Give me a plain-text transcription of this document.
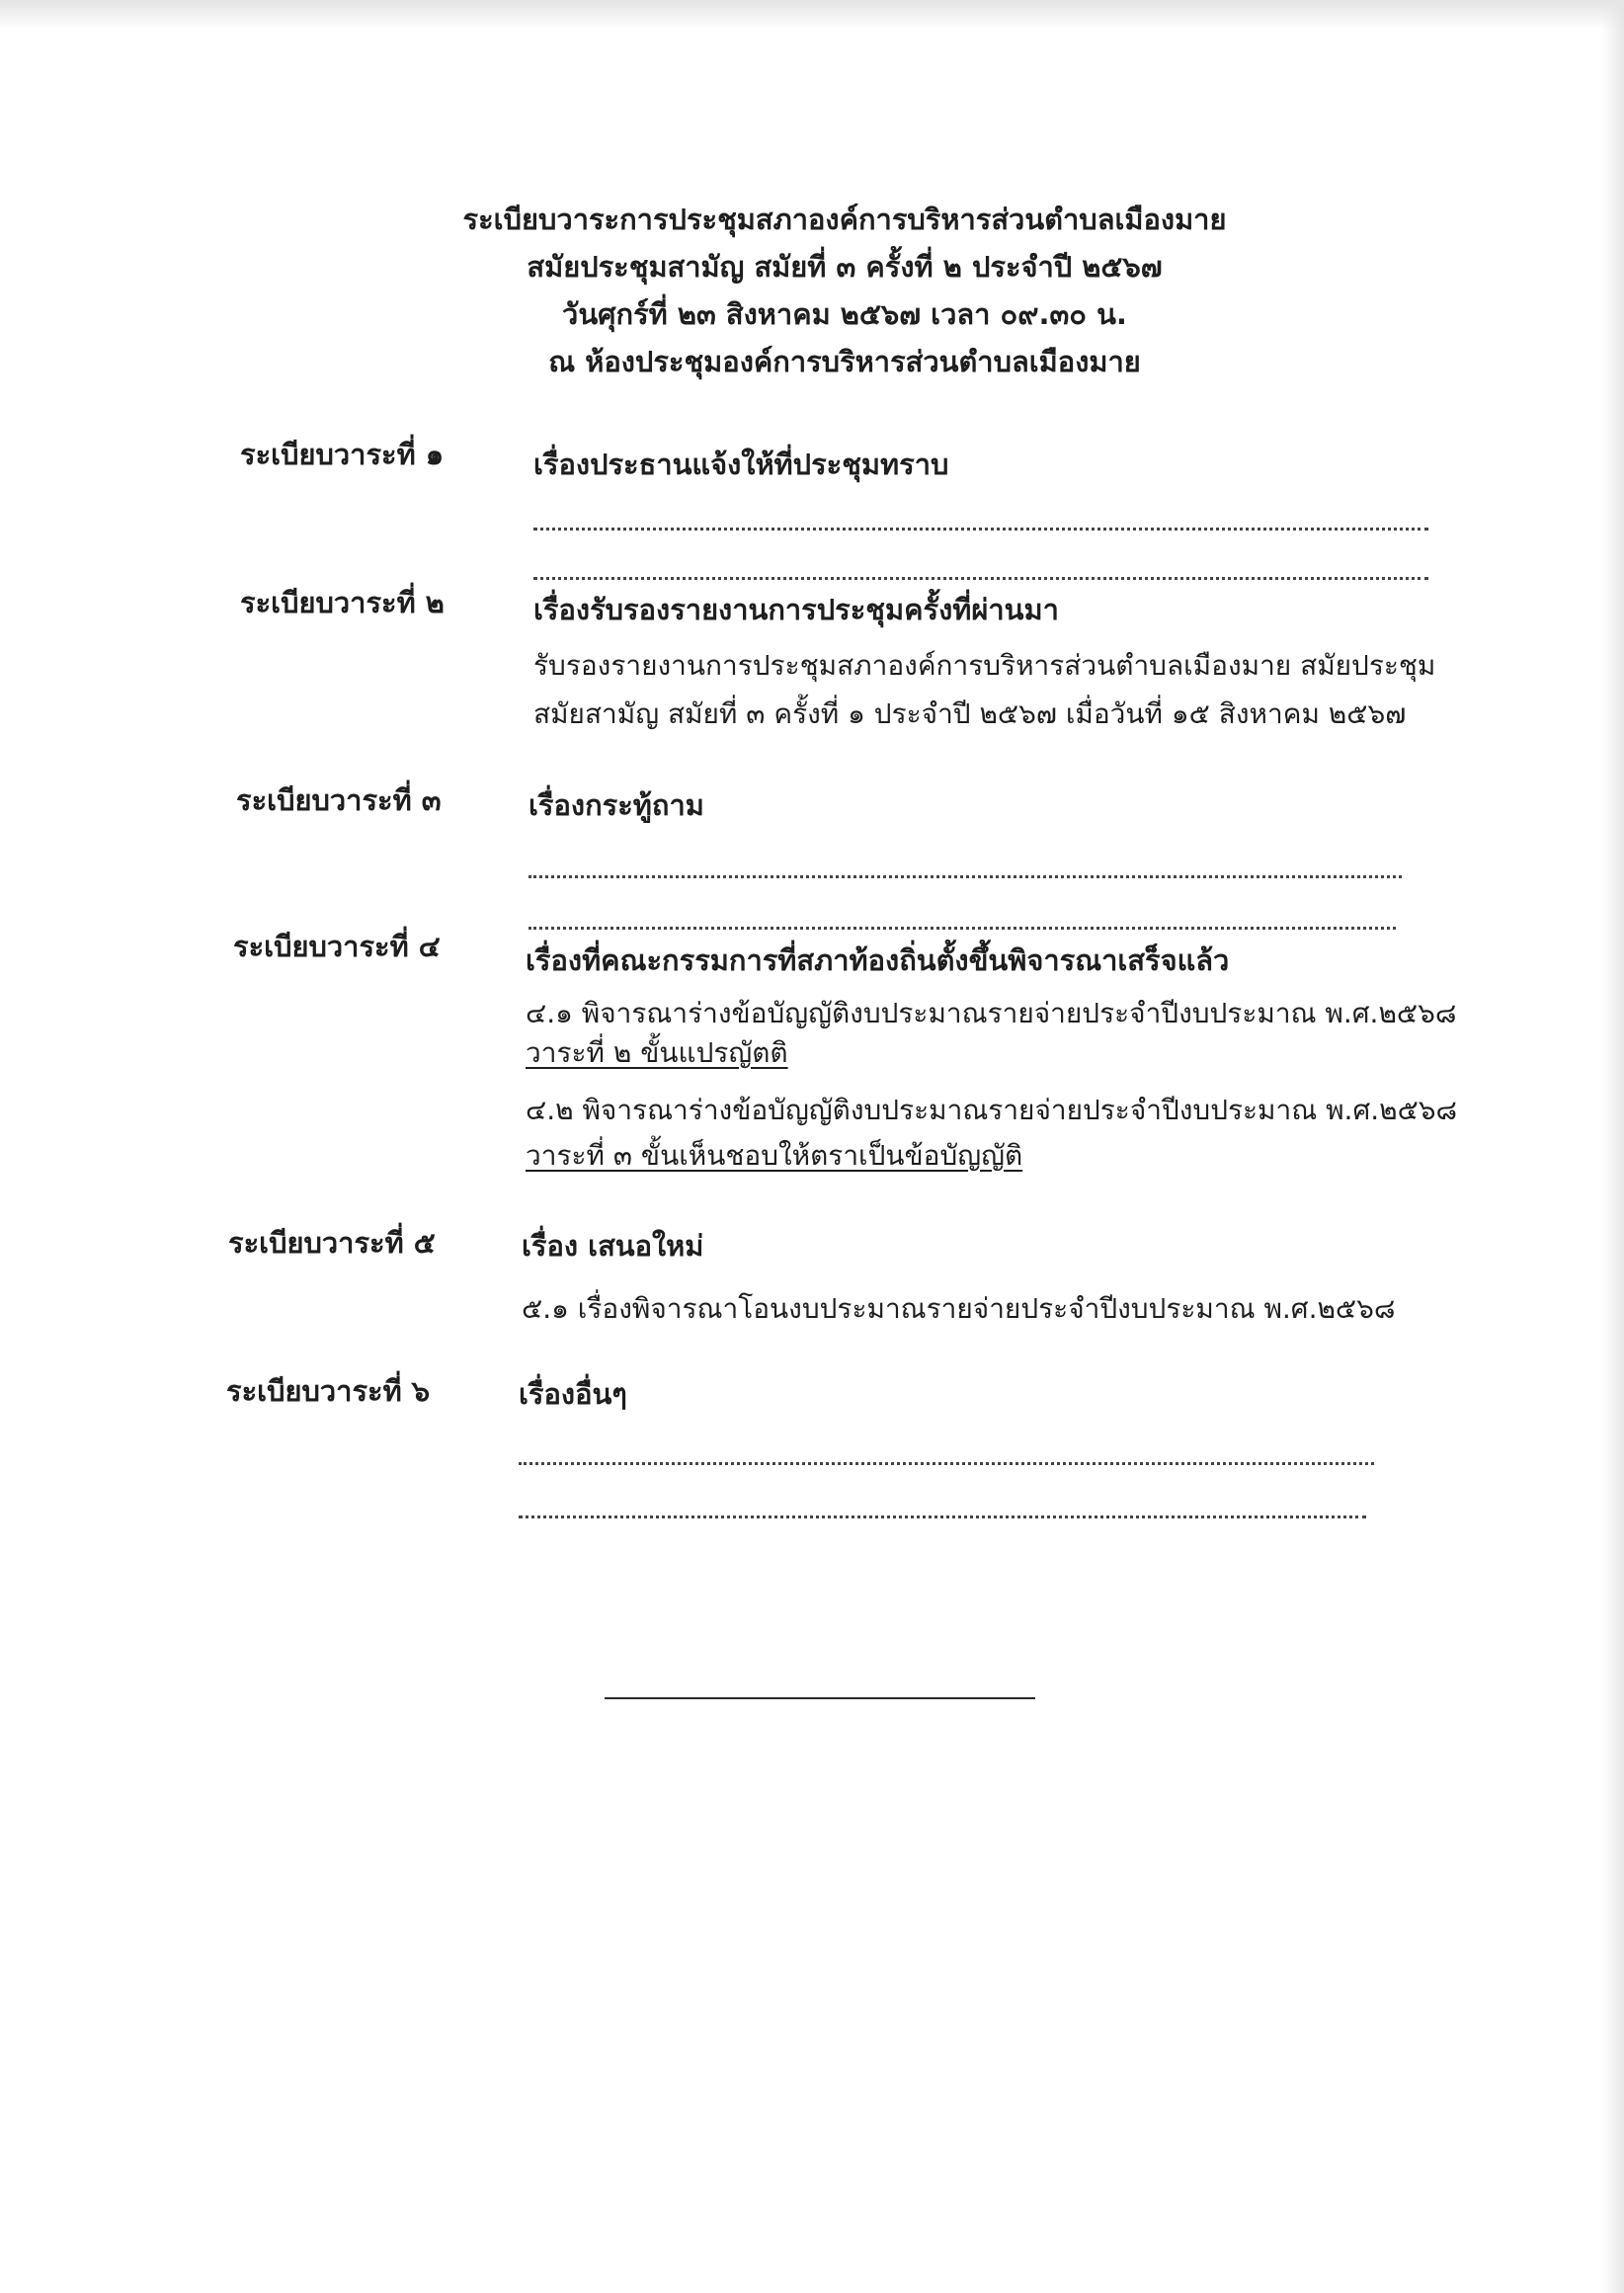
ระเบียบวาระการประชุมสภาองค์การบริหารส่วนตำบลเมืองมาย
สมัยประชุมสามัญ สมัยที่ ๓ ครั้งที่ ๒ ประจำปี ๒๕๖๗
วันศุกร์ที่ ๒๓ สิงหาคม ๒๕๖๗ เวลา ๐๙.๓๐ น.
ณ ห้องประชุมองค์การบริหารส่วนตำบลเมืองมาย
ระเบียบวาระที่ ๑	เรื่องประธานแจ้งให้ที่ประชุมทราบ
ระเบียบวาระที่ ๒	เรื่องรับรองรายงานการประชุมครั้งที่ผ่านมา
รับรองรายงานการประชุมสภาองค์การบริหารส่วนตำบลเมืองมาย สมัยประชุม
สมัยสามัญ สมัยที่ ๓ ครั้งที่ ๑ ประจำปี ๒๕๖๗ เมื่อวันที่ ๑๕ สิงหาคม ๒๕๖๗
ระเบียบวาระที่ ๓	เรื่องกระทู้ถาม
ระเบียบวาระที่ ๔	เรื่องที่คณะกรรมการที่สภาท้องถิ่นตั้งขึ้นพิจารณาเสร็จแล้ว
๔.๑ พิจารณาร่างข้อบัญญัติงบประมาณรายจ่ายประจำปีงบประมาณ พ.ศ.๒๕๖๘
วาระที่ ๒ ขั้นแปรญัตติ
๔.๒ พิจารณาร่างข้อบัญญัติงบประมาณรายจ่ายประจำปีงบประมาณ พ.ศ.๒๕๖๘
วาระที่ ๓ ขั้นเห็นชอบให้ตราเป็นข้อบัญญัติ
ระเบียบวาระที่ ๕	เรื่อง เสนอใหม่
๕.๑ เรื่องพิจารณาโอนงบประมาณรายจ่ายประจำปีงบประมาณ พ.ศ.๒๕๖๘
ระเบียบวาระที่ ๖	เรื่องอื่นๆ
